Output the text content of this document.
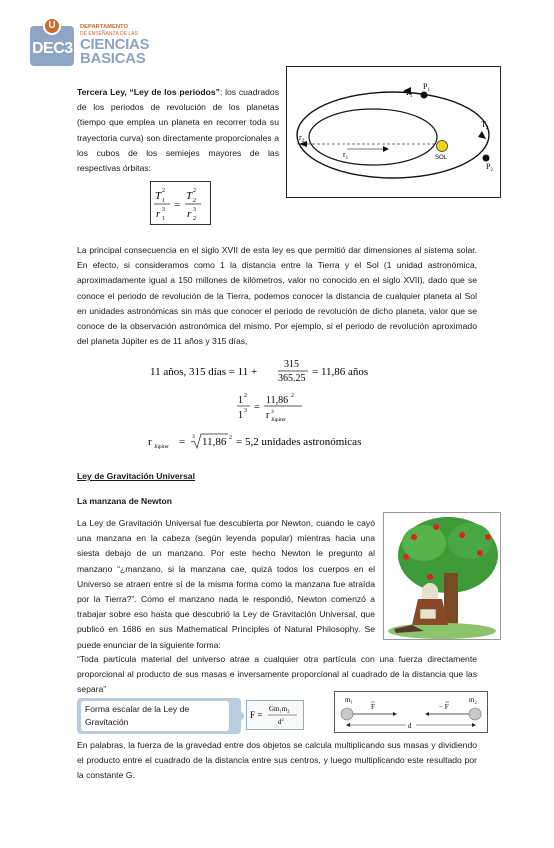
U
DEC3
DEPARTAMENTO
DE ENSEÑANZA DE LAS
CIENCIAS
BASICAS
Tercera Ley, “Ley de los periodos”: los cuadrados de los periodos de revolución de los planetas (tiempo que emplea un planeta en recorrer toda su trayectoria curva) son directamente proporcionales a los cubos de los semiejes mayores de las respectivas órbitas:
$T_1$
$P_1$
$T_2$
$P_2$
$r_2$
$r_1$	SOL
T 2
1
r 3
1
=
T 2
2
r 3
2
La principal consecuencia en el siglo XVII de esta ley es que permitió dar dimensiones al sistema solar. En efecto, si consideramos como 1 la distancia entre la Tierra y el Sol (1 unidad astronómica, aproximadamente igual a 150 millones de kilómetros, valor no conocido en el siglo XVII), dado que se conoce el periodo de revolución de la Tierra, podemos conocer la distancia de cualquier planeta al Sol en unidades astronómicas sin más que conocer el periodo de revolución de dicho planeta, valor que se conoce de la observación astronómica del mismo. Por ejemplo, si el periodo de revolución aproximado del planeta Júpiter es de 11 años y 315 días,
11 años, 315 días = 11 +
315
365.25
= 11,86 años
1 2
1 3 =
11,86 2
r 3
Júpiter
r Júpiter = 3 11,86 2 = 5,2 unidades astronómicas
Ley de Gravitación Universal
La manzana de Newton
La Ley de Gravitación Universal fue descubierta por Newton, cuando le cayó una manzana en la cabeza (según leyenda popular) mientras hacia una siesta debajo de un manzano. Por este hecho Newton le pregunto al manzano “¿manzano, si la manzana cae, quizá todos los cuerpos en el Universo se atraen entre sí de la misma forma como la manzana fue atraída por la Tierra?”. Como el manzano nada le respondió, Newton comenzó a trabajar sobre eso hasta que descubrió la Ley de Gravitación Universal, que publicó en 1686 en sus Mathematical Principles of Natural Philosophy. Se puede enunciar de la siguiente forma:
“Toda partícula material del universo atrae a cualquier otra partícula con una fuerza directamente proporcional al producto de sus masas e inversamente proporcional al cuadrado de la distancia que las separa”
Forma escalar de la Ley de Gravitación
F =
$Gm_1m_2$
$d^2$
$m_1$	$m_2$
F	− F
d
En palabras, la fuerza de la gravedad entre dos objetos se calcula multiplicando sus masas y dividiendo el producto entre el cuadrado de la distancia entre sus centros, y luego multiplicando este resultado por la constante G.
